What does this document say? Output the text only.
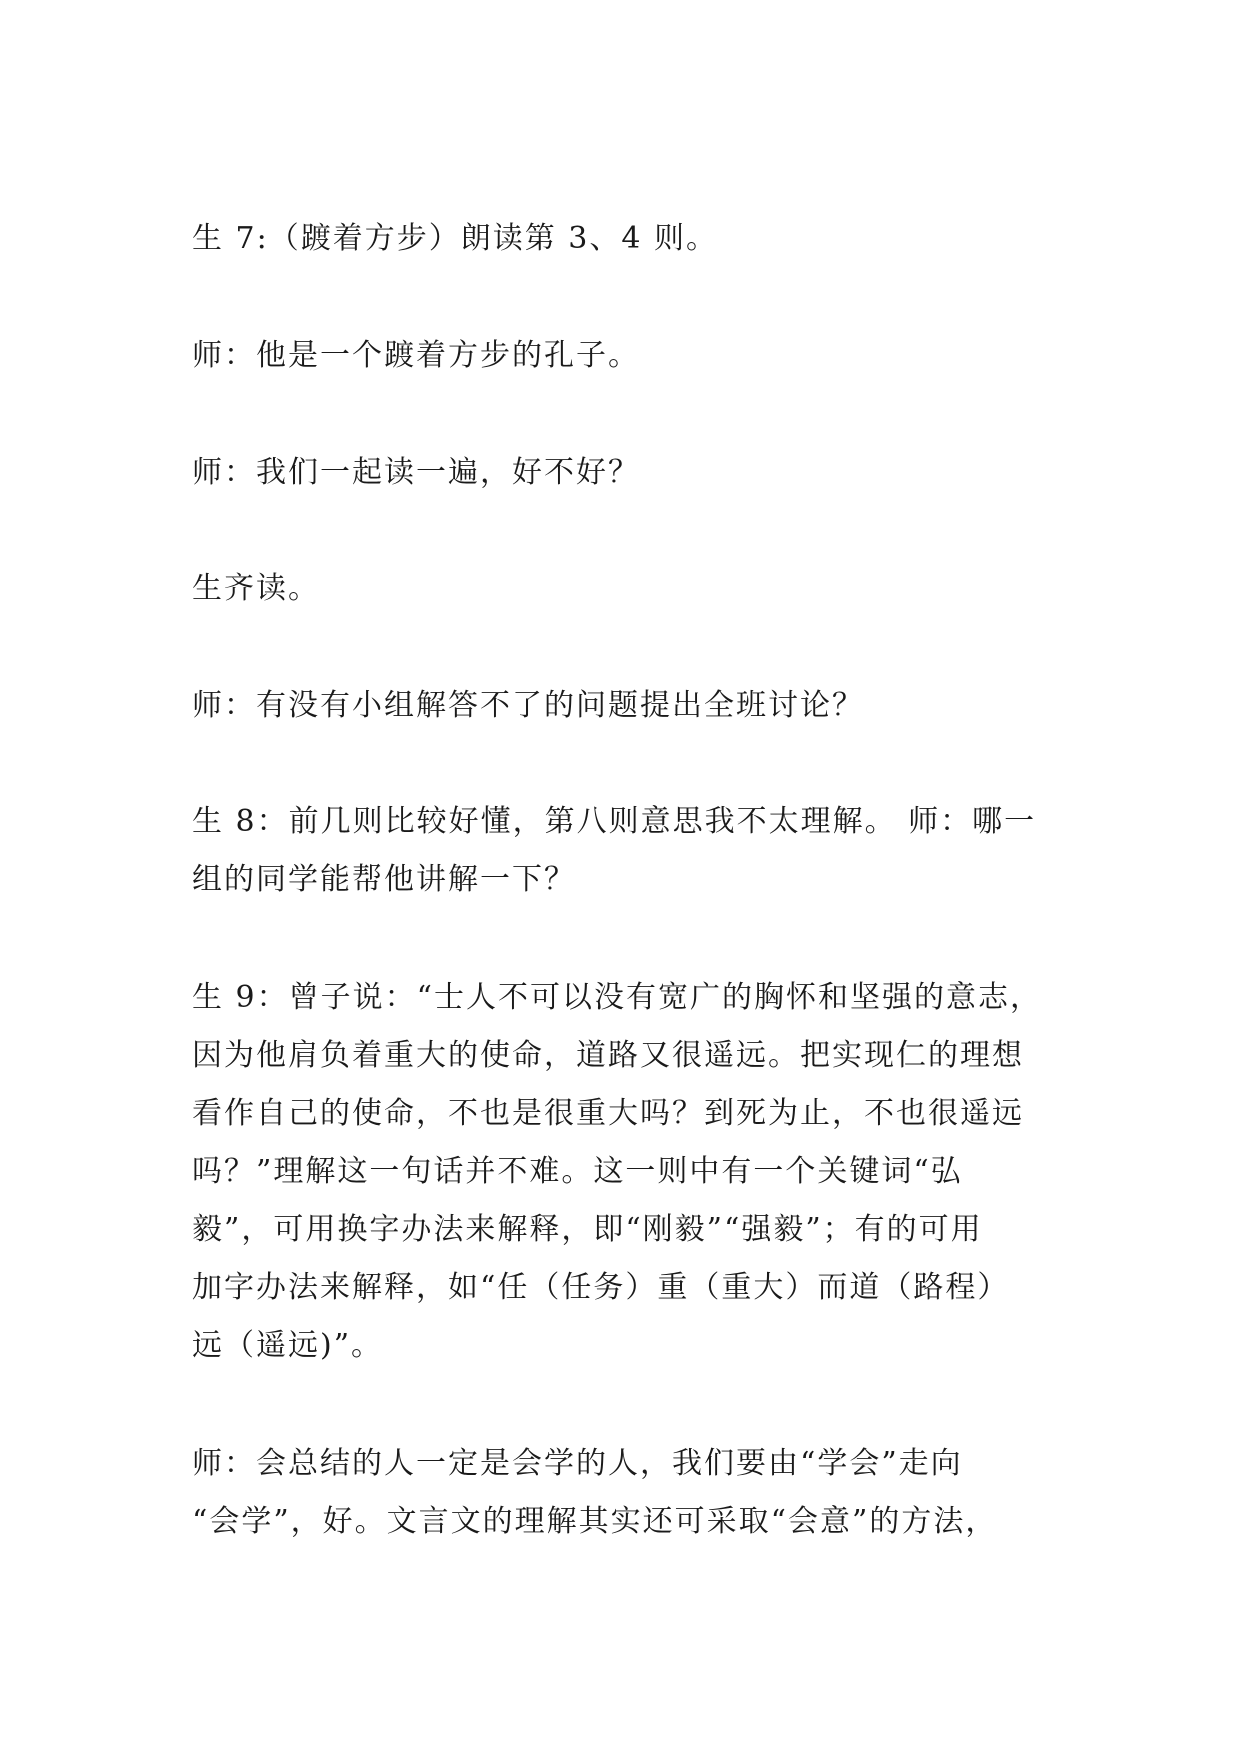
生 7:（踱着方步）朗读第 3、4 则。

师：他是一个踱着方步的孔子。

师：我们一起读一遍，好不好？

生齐读。

师：有没有小组解答不了的问题提出全班讨论？

生 8：前几则比较好懂，第八则意思我不太理解。 师：哪一
组的同学能帮他讲解一下？

生 9：曾子说：“士人不可以没有宽广的胸怀和坚强的意志，
因为他肩负着重大的使命，道路又很遥远。把实现仁的理想
看作自己的使命，不也是很重大吗？到死为止，不也很遥远
吗？”理解这一句话并不难。这一则中有一个关键词“弘
毅”，可用换字办法来解释，即“刚毅”“强毅”；有的可用
加字办法来解释，如“任（任务）重（重大）而道（路程）
远（遥远)”。

师：会总结的人一定是会学的人，我们要由“学会”走向
“会学”，好。文言文的理解其实还可采取“会意”的方法，
